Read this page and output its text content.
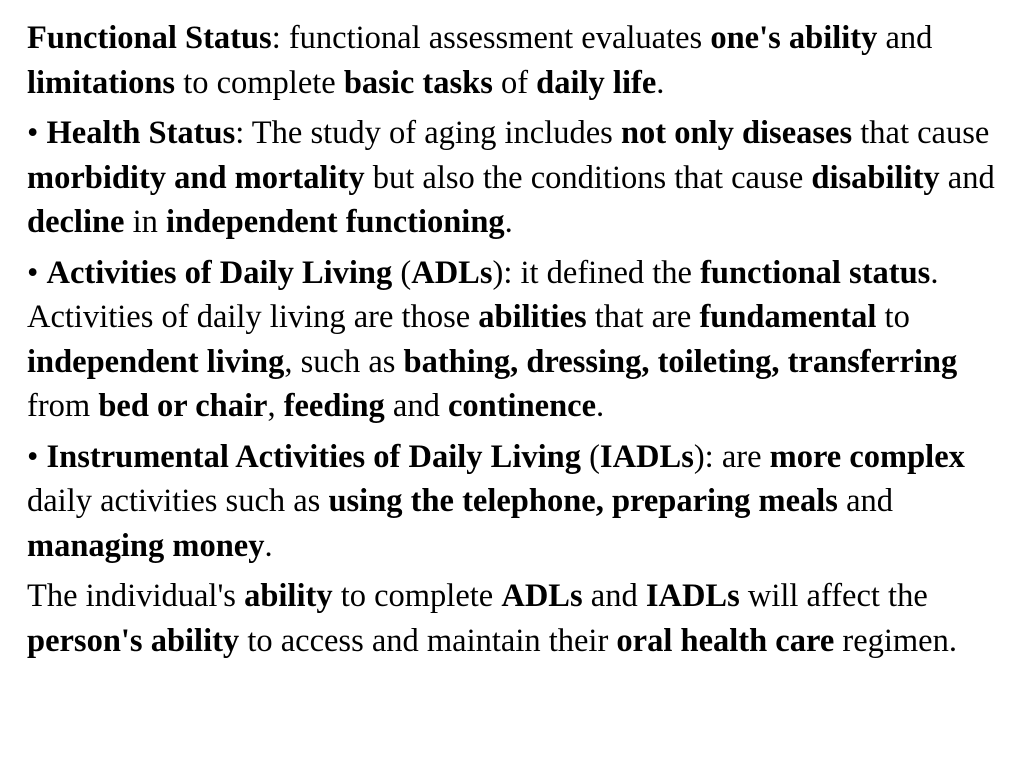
Functional Status: functional assessment evaluates one's ability and limitations to complete basic tasks of daily life.

• Health Status: The study of aging includes not only diseases that cause morbidity and mortality but also the conditions that cause disability and decline in independent functioning.

• Activities of Daily Living (ADLs): it defined the functional status. Activities of daily living are those abilities that are fundamental to independent living, such as bathing, dressing, toileting, transferring from bed or chair, feeding and continence.

• Instrumental Activities of Daily Living (IADLs): are more complex daily activities such as using the telephone, preparing meals and managing money.

The individual's ability to complete ADLs and IADLs will affect the person's ability to access and maintain their oral health care regimen.
